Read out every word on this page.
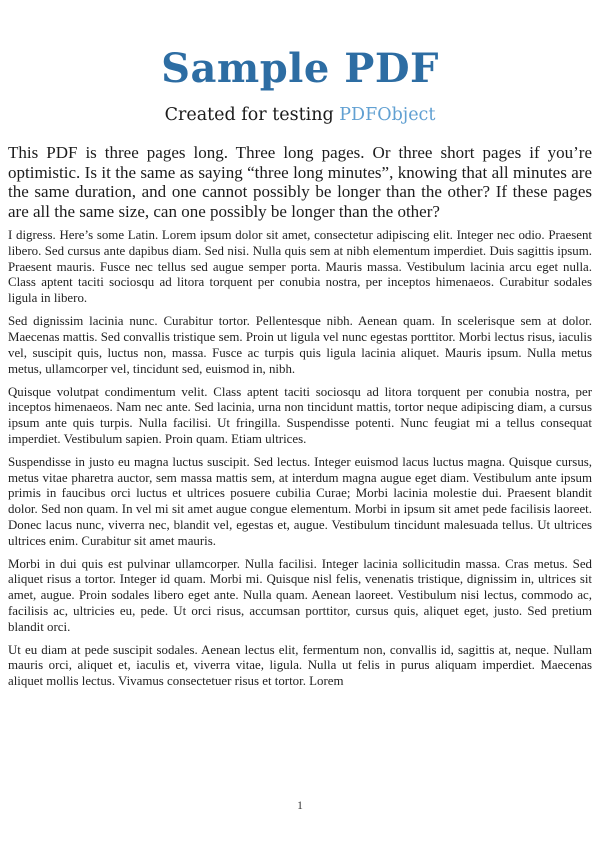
Sample PDF

Created for testing PDFObject

This PDF is three pages long. Three long pages. Or three short pages if you’re optimistic. Is it the same as saying “three long minutes”, knowing that all minutes are the same duration, and one cannot possibly be longer than the other? If these pages are all the same size, can one possibly be longer than the other?

I digress. Here’s some Latin. Lorem ipsum dolor sit amet, consectetur adipiscing elit. Integer nec odio. Praesent libero. Sed cursus ante dapibus diam. Sed nisi. Nulla quis sem at nibh elementum imperdiet. Duis sagittis ipsum. Praesent mauris. Fusce nec tellus sed augue semper porta. Mauris massa. Vestibulum lacinia arcu eget nulla. Class aptent taciti sociosqu ad litora torquent per conubia nostra, per inceptos himenaeos. Curabitur sodales ligula in libero.

Sed dignissim lacinia nunc. Curabitur tortor. Pellentesque nibh. Aenean quam. In scelerisque sem at dolor. Maecenas mattis. Sed convallis tristique sem. Proin ut ligula vel nunc egestas porttitor. Morbi lectus risus, iaculis vel, suscipit quis, luctus non, massa. Fusce ac turpis quis ligula lacinia aliquet. Mauris ipsum. Nulla metus metus, ullamcorper vel, tincidunt sed, euismod in, nibh.

Quisque volutpat condimentum velit. Class aptent taciti sociosqu ad litora torquent per conubia nostra, per inceptos himenaeos. Nam nec ante. Sed lacinia, urna non tincidunt mattis, tortor neque adipiscing diam, a cursus ipsum ante quis turpis. Nulla facilisi. Ut fringilla. Suspendisse potenti. Nunc feugiat mi a tellus consequat imperdiet. Vestibulum sapien. Proin quam. Etiam ultrices.

Suspendisse in justo eu magna luctus suscipit. Sed lectus. Integer euismod lacus luctus magna. Quisque cursus, metus vitae pharetra auctor, sem massa mattis sem, at interdum magna augue eget diam. Vestibulum ante ipsum primis in faucibus orci luctus et ultrices posuere cubilia Curae; Morbi lacinia molestie dui. Praesent blandit dolor. Sed non quam. In vel mi sit amet augue congue elementum. Morbi in ipsum sit amet pede facilisis laoreet. Donec lacus nunc, viverra nec, blandit vel, egestas et, augue. Vestibulum tincidunt malesuada tellus. Ut ultrices ultrices enim. Curabitur sit amet mauris.

Morbi in dui quis est pulvinar ullamcorper. Nulla facilisi. Integer lacinia sollicitudin massa. Cras metus. Sed aliquet risus a tortor. Integer id quam. Morbi mi. Quisque nisl felis, venenatis tristique, dignissim in, ultrices sit amet, augue. Proin sodales libero eget ante. Nulla quam. Aenean laoreet. Vestibulum nisi lectus, commodo ac, facilisis ac, ultricies eu, pede. Ut orci risus, accumsan porttitor, cursus quis, aliquet eget, justo. Sed pretium blandit orci.

Ut eu diam at pede suscipit sodales. Aenean lectus elit, fermentum non, convallis id, sagittis at, neque. Nullam mauris orci, aliquet et, iaculis et, viverra vitae, ligula. Nulla ut felis in purus aliquam imperdiet. Maecenas aliquet mollis lectus. Vivamus consectetuer risus et tortor. Lorem

1
